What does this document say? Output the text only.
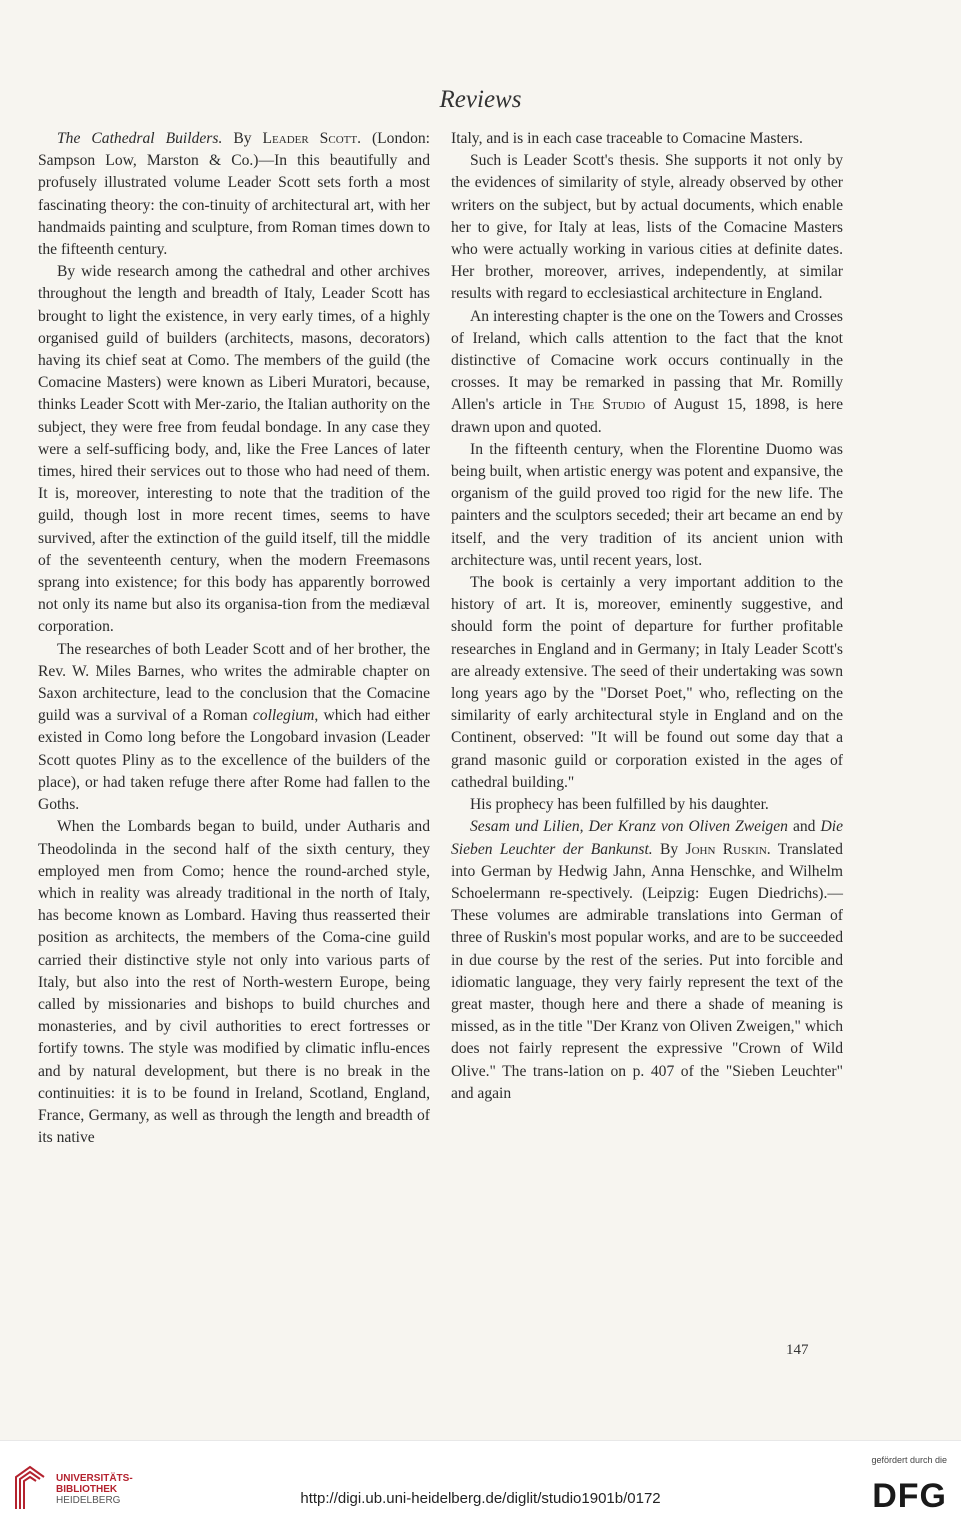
Reviews

The Cathedral Builders. By Leader Scott. (London: Sampson Low, Marston & Co.)—In this beautifully and profusely illustrated volume Leader Scott sets forth a most fascinating theory: the con-tinuity of architectural art, with her handmaids painting and sculpture, from Roman times down to the fifteenth century.

By wide research among the cathedral and other archives throughout the length and breadth of Italy, Leader Scott has brought to light the existence, in very early times, of a highly organised guild of builders (architects, masons, decorators) having its chief seat at Como. The members of the guild (the Comacine Masters) were known as Liberi Muratori, because, thinks Leader Scott with Mer-zario, the Italian authority on the subject, they were free from feudal bondage. In any case they were a self-sufficing body, and, like the Free Lances of later times, hired their services out to those who had need of them. It is, moreover, interesting to note that the tradition of the guild, though lost in more recent times, seems to have survived, after the extinction of the guild itself, till the middle of the seventeenth century, when the modern Freemasons sprang into existence; for this body has apparently borrowed not only its name but also its organisa-tion from the mediæval corporation.

The researches of both Leader Scott and of her brother, the Rev. W. Miles Barnes, who writes the admirable chapter on Saxon architecture, lead to the conclusion that the Comacine guild was a survival of a Roman collegium, which had either existed in Como long before the Longobard invasion (Leader Scott quotes Pliny as to the excellence of the builders of the place), or had taken refuge there after Rome had fallen to the Goths.

When the Lombards began to build, under Autharis and Theodolinda in the second half of the sixth century, they employed men from Como; hence the round-arched style, which in reality was already traditional in the north of Italy, has become known as Lombard. Having thus reasserted their position as architects, the members of the Coma-cine guild carried their distinctive style not only into various parts of Italy, but also into the rest of North-western Europe, being called by missionaries and bishops to build churches and monasteries, and by civil authorities to erect fortresses or fortify towns. The style was modified by climatic influ-ences and by natural development, but there is no break in the continuities: it is to be found in Ireland, Scotland, England, France, Germany, as well as through the length and breadth of its native

Italy, and is in each case traceable to Comacine Masters.

Such is Leader Scott's thesis. She supports it not only by the evidences of similarity of style, already observed by other writers on the subject, but by actual documents, which enable her to give, for Italy at leas, lists of the Comacine Masters who were actually working in various cities at definite dates. Her brother, moreover, arrives, independently, at similar results with regard to ecclesiastical architecture in England.

An interesting chapter is the one on the Towers and Crosses of Ireland, which calls attention to the fact that the knot distinctive of Comacine work occurs continually in the crosses. It may be remarked in passing that Mr. Romilly Allen's article in The Studio of August 15, 1898, is here drawn upon and quoted.

In the fifteenth century, when the Florentine Duomo was being built, when artistic energy was potent and expansive, the organism of the guild proved too rigid for the new life. The painters and the sculptors seceded; their art became an end by itself, and the very tradition of its ancient union with architecture was, until recent years, lost.

The book is certainly a very important addition to the history of art. It is, moreover, eminently suggestive, and should form the point of departure for further profitable researches in England and in Germany; in Italy Leader Scott's are already extensive. The seed of their undertaking was sown long years ago by the "Dorset Poet," who, reflecting on the similarity of early architectural style in England and on the Continent, observed: "It will be found out some day that a grand masonic guild or corporation existed in the ages of cathedral building."

His prophecy has been fulfilled by his daughter.

Sesam und Lilien, Der Kranz von Oliven Zweigen and Die Sieben Leuchter der Bankunst. By John Ruskin. Translated into German by Hedwig Jahn, Anna Henschke, and Wilhelm Schoelermann re-spectively. (Leipzig: Eugen Diedrichs).—These volumes are admirable translations into German of three of Ruskin's most popular works, and are to be succeeded in due course by the rest of the series. Put into forcible and idiomatic language, they very fairly represent the text of the great master, though here and there a shade of meaning is missed, as in the title "Der Kranz von Oliven Zweigen," which does not fairly represent the expressive "Crown of Wild Olive." The trans-lation on p. 407 of the "Sieben Leuchter" and again

147
UNIVERSITÄTS-
BIBLIOTHEK
HEIDELBERG	http://digi.ub.uni-heidelberg.de/diglit/studio1901b/0172
gefördert durch die
DFG
